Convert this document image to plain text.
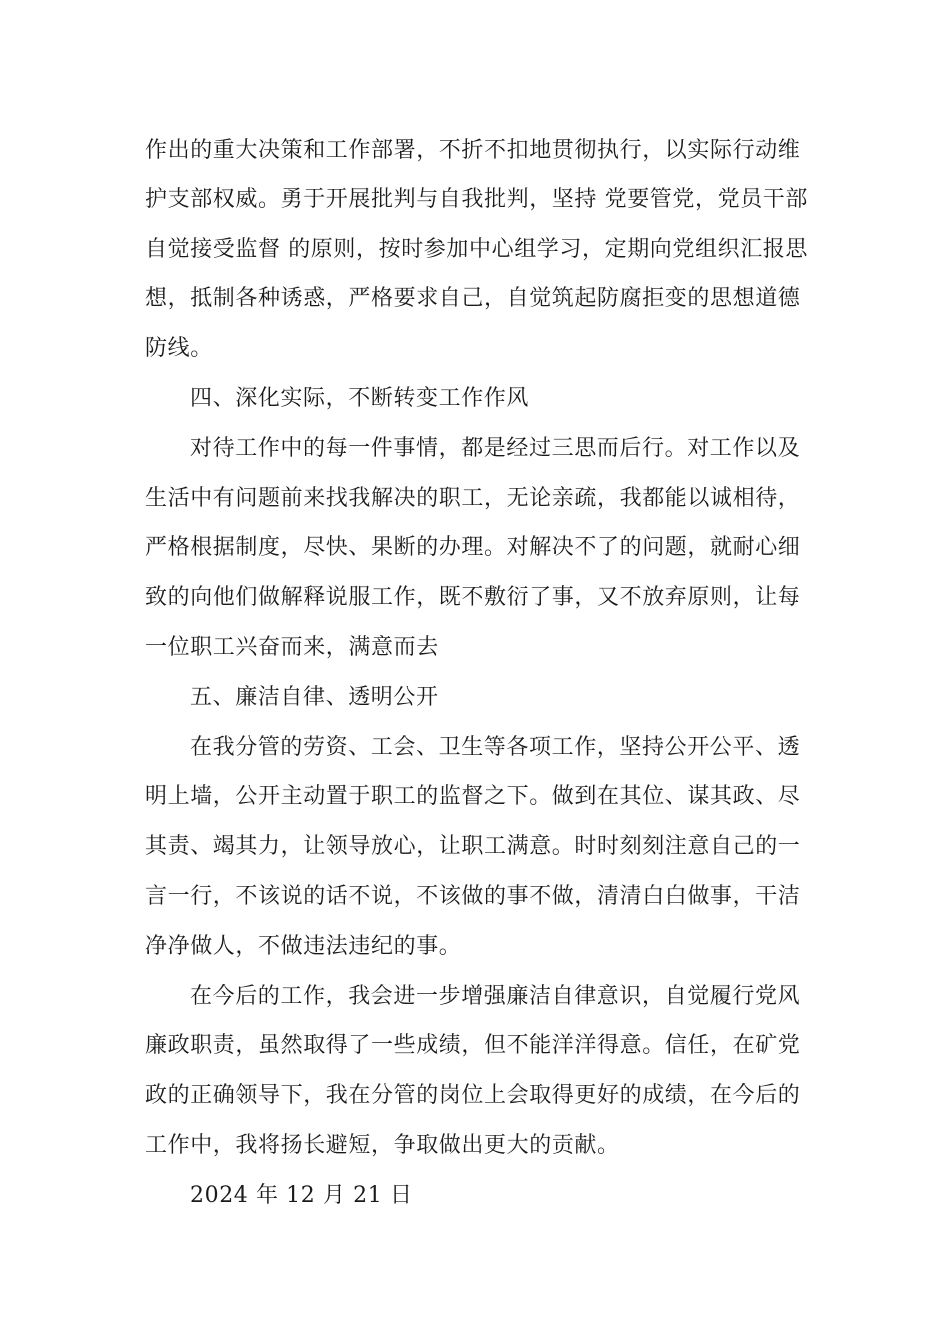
作出的重大决策和工作部署，不折不扣地贯彻执行，以实际行动维
护支部权威。勇于开展批判与自我批判，坚持 党要管党，党员干部
自觉接受监督 的原则，按时参加中心组学习，定期向党组织汇报思
想，抵制各种诱惑，严格要求自己，自觉筑起防腐拒变的思想道德
防线。
四、深化实际，不断转变工作作风
对待工作中的每一件事情，都是经过三思而后行。对工作以及
生活中有问题前来找我解决的职工，无论亲疏，我都能以诚相待，
严格根据制度，尽快、果断的办理。对解决不了的问题，就耐心细
致的向他们做解释说服工作，既不敷衍了事，又不放弃原则，让每
一位职工兴奋而来，满意而去
五、廉洁自律、透明公开
在我分管的劳资、工会、卫生等各项工作，坚持公开公平、透
明上墙，公开主动置于职工的监督之下。做到在其位、谋其政、尽
其责、竭其力，让领导放心，让职工满意。时时刻刻注意自己的一
言一行，不该说的话不说，不该做的事不做，清清白白做事，干洁
净净做人，不做违法违纪的事。
在今后的工作，我会进一步增强廉洁自律意识，自觉履行党风
廉政职责，虽然取得了一些成绩，但不能洋洋得意。信任，在矿党
政的正确领导下，我在分管的岗位上会取得更好的成绩，在今后的
工作中，我将扬长避短，争取做出更大的贡献。
2024 年 12 月 21 日
